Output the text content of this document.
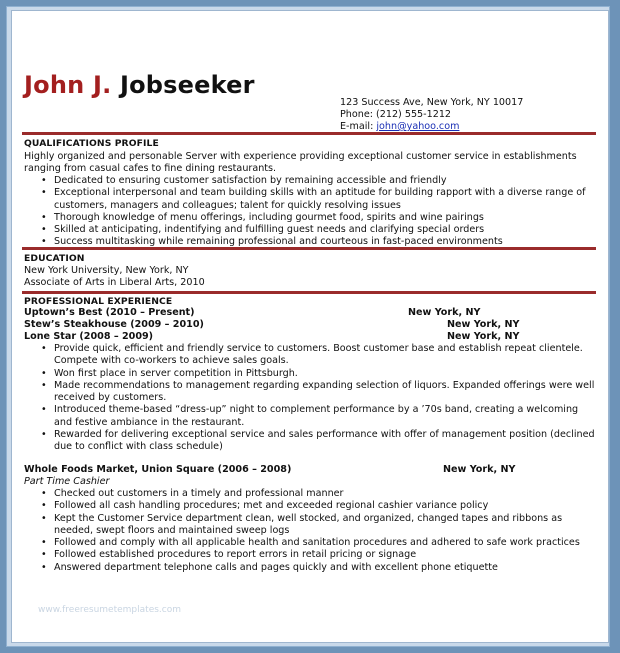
John J. Jobseeker
123 Success Ave, New York, NY 10017
Phone: (212) 555-1212
E-mail: john@yahoo.com
QUALIFICATIONS PROFILE
Highly organized and personable Server with experience providing exceptional customer service in establishments ranging from casual cafes to fine dining restaurants.
• Dedicated to ensuring customer satisfaction by remaining accessible and friendly
• Exceptional interpersonal and team building skills with an aptitude for building rapport with a diverse range of customers, managers and colleagues; talent for quickly resolving issues
• Thorough knowledge of menu offerings, including gourmet food, spirits and wine pairings
• Skilled at anticipating, indentifying and fulfilling guest needs and clarifying special orders
• Success multitasking while remaining professional and courteous in fast-paced environments
EDUCATION
New York University, New York, NY
Associate of Arts in Liberal Arts, 2010
PROFESSIONAL EXPERIENCE
Uptown’s Best (2010 – Present)	New York, NY
Stew’s Steakhouse (2009 – 2010)	New York, NY
Lone Star (2008 – 2009)	New York, NY
• Provide quick, efficient and friendly service to customers. Boost customer base and establish repeat clientele. Compete with co-workers to achieve sales goals.
• Won first place in server competition in Pittsburgh.
• Made recommendations to management regarding expanding selection of liquors. Expanded offerings were well received by customers.
• Introduced theme-based “dress-up” night to complement performance by a ’70s band, creating a welcoming and festive ambiance in the restaurant.
• Rewarded for delivering exceptional service and sales performance with offer of management position (declined due to conflict with class schedule)
Whole Foods Market, Union Square (2006 – 2008)	New York, NY
Part Time Cashier
• Checked out customers in a timely and professional manner
• Followed all cash handling procedures; met and exceeded regional cashier variance policy
• Kept the Customer Service department clean, well stocked, and organized, changed tapes and ribbons as needed, swept floors and maintained sweep logs
• Followed and comply with all applicable health and sanitation procedures and adhered to safe work practices
• Followed established procedures to report errors in retail pricing or signage
• Answered department telephone calls and pages quickly and with excellent phone etiquette
www.freeresumetemplates.com
